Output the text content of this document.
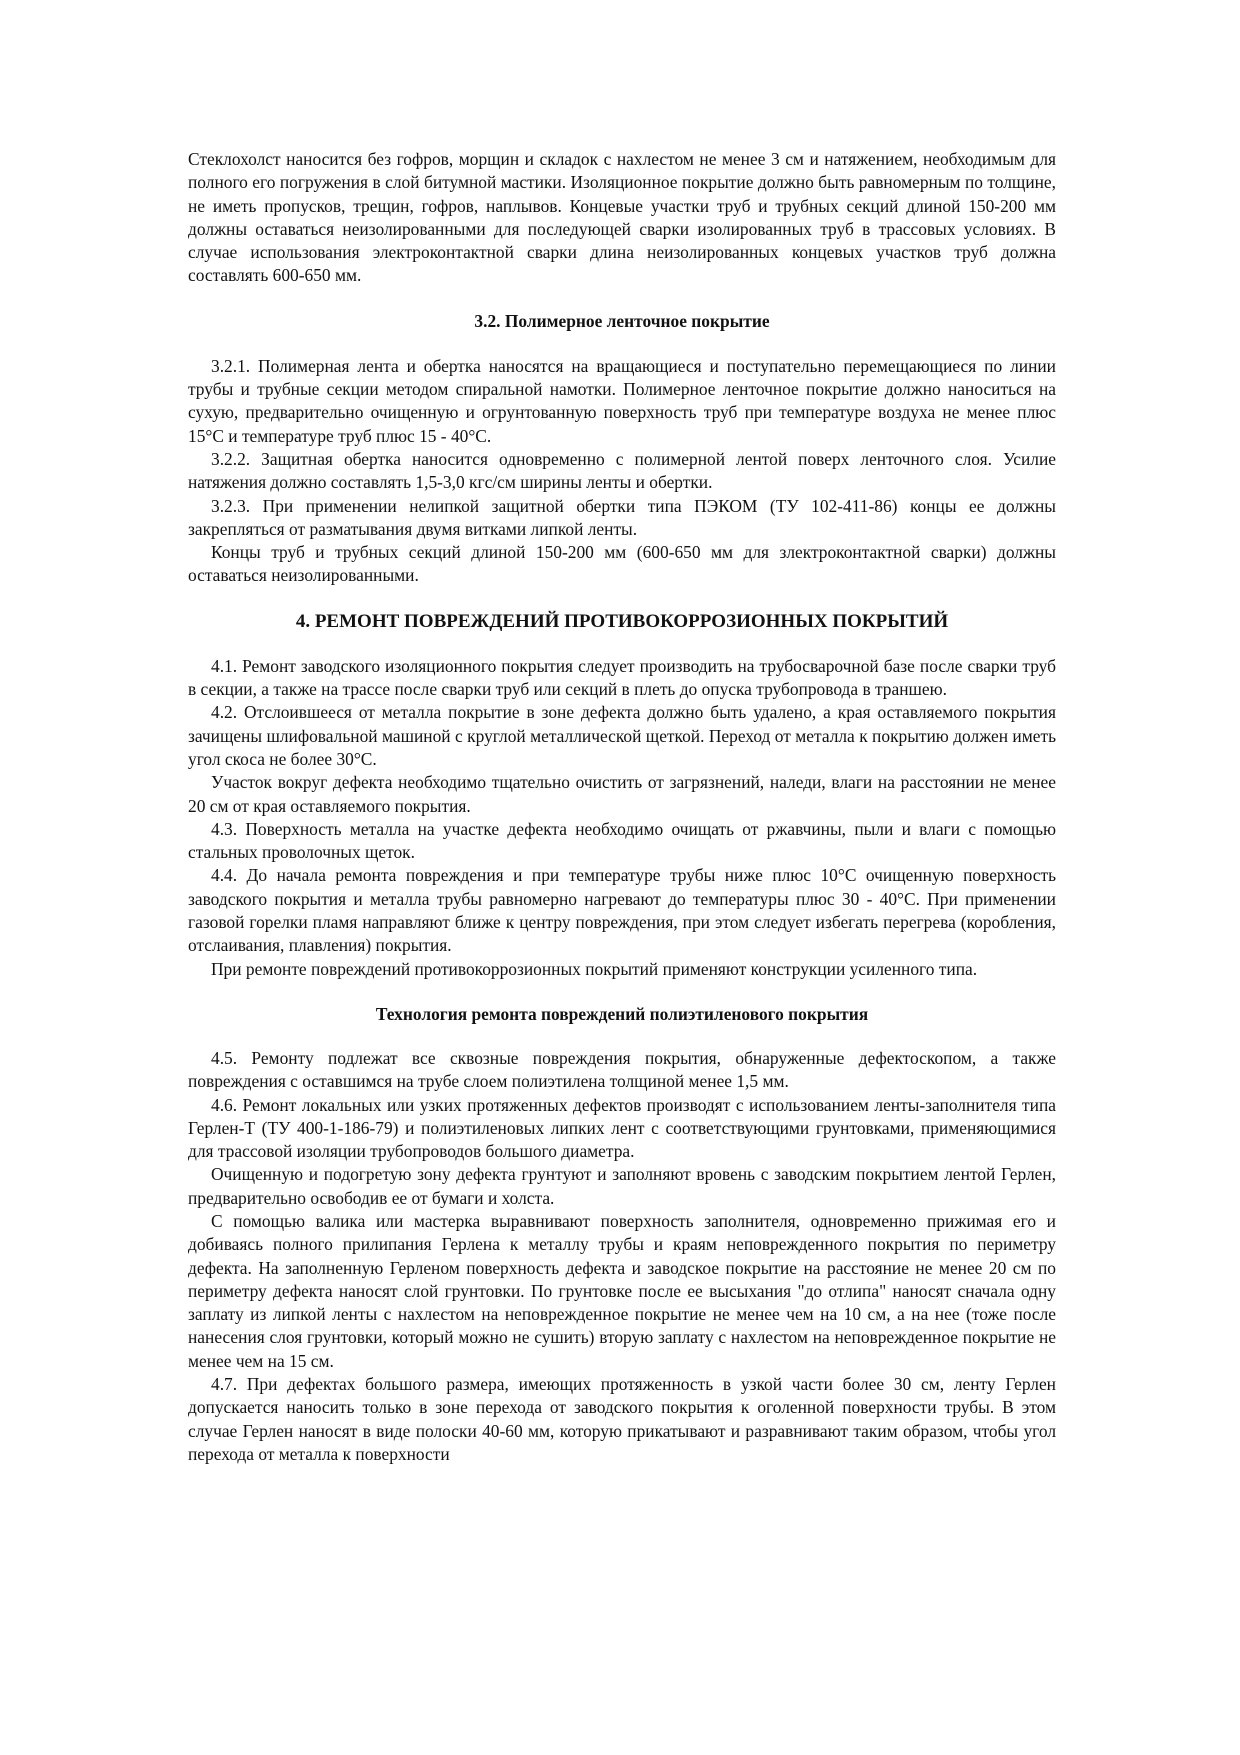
Стеклохолст наносится без гофров, морщин и складок с нахлестом не менее 3 см и натяжением, необходимым для полного его погружения в слой битумной мастики. Изоляционное покрытие должно быть равномерным по толщине, не иметь пропусков, трещин, гофров, наплывов. Концевые участки труб и трубных секций длиной 150-200 мм должны оставаться неизолированными для последующей сварки изолированных труб в трассовых условиях. В случае использования электроконтактной сварки длина неизолированных концевых участков труб должна составлять 600-650 мм.

3.2. Полимерное ленточное покрытие

3.2.1. Полимерная лента и обертка наносятся на вращающиеся и поступательно перемещающиеся по линии трубы и трубные секции методом спиральной намотки. Полимерное ленточное покрытие должно наноситься на сухую, предварительно очищенную и огрунтованную поверхность труб при температуре воздуха не менее плюс 15°С и температуре труб плюс 15 - 40°С.

3.2.2. Защитная обертка наносится одновременно с полимерной лентой поверх ленточного слоя. Усилие натяжения должно составлять 1,5-3,0 кгс/см ширины ленты и обертки.

3.2.3. При применении нелипкой защитной обертки типа ПЭКОМ (ТУ 102-411-86) концы ее должны закрепляться от разматывания двумя витками липкой ленты.

Концы труб и трубных секций длиной 150-200 мм (600-650 мм для злектроконтактной сварки) должны оставаться неизолированными.

4. РЕМОНТ ПОВРЕЖДЕНИЙ ПРОТИВОКОРРОЗИОННЫХ ПОКРЫТИЙ

4.1. Ремонт заводского изоляционного покрытия следует производить на трубосварочной базе после сварки труб в секции, а также на трассе после сварки труб или секций в плеть до опуска трубопровода в траншею.

4.2. Отслоившееся от металла покрытие в зоне дефекта должно быть удалено, а края оставляемого покрытия зачищены шлифовальной машиной с круглой металлической щеткой. Переход от металла к покрытию должен иметь угол скоса не более 30°С.

Участок вокруг дефекта необходимо тщательно очистить от загрязнений, наледи, влаги на расстоянии не менее 20 см от края оставляемого покрытия.

4.3. Поверхность металла на участке дефекта необходимо очищать от ржавчины, пыли и влаги с помощью стальных проволочных щеток.

4.4. До начала ремонта повреждения и при температуре трубы ниже плюс 10°С очищенную поверхность заводского покрытия и металла трубы равномерно нагревают до температуры плюс 30 - 40°С. При применении газовой горелки пламя направляют ближе к центру повреждения, при этом следует избегать перегрева (коробления, отслаивания, плавления) покрытия.

При ремонте повреждений противокоррозионных покрытий применяют конструкции усиленного типа.

Технология ремонта повреждений полиэтиленового покрытия

4.5. Ремонту подлежат все сквозные повреждения покрытия, обнаруженные дефектоскопом, а также повреждения с оставшимся на трубе слоем полиэтилена толщиной менее 1,5 мм.

4.6. Ремонт локальных или узких протяженных дефектов производят с использованием ленты-заполнителя типа Герлен-Т (ТУ 400-1-186-79) и полиэтиленовых липких лент с соответствующими грунтовками, применяющимися для трассовой изоляции трубопроводов большого диаметра.

Очищенную и подогретую зону дефекта грунтуют и заполняют вровень с заводским покрытием лентой Герлен, предварительно освободив ее от бумаги и холста.

С помощью валика или мастерка выравнивают поверхность заполнителя, одновременно прижимая его и добиваясь полного прилипания Герлена к металлу трубы и краям неповрежденного покрытия по периметру дефекта. На заполненную Герленом поверхность дефекта и заводское покрытие на расстояние не менее 20 см по периметру дефекта наносят слой грунтовки. По грунтовке после ее высыхания "до отлипа" наносят сначала одну заплату из липкой ленты с нахлестом на неповрежденное покрытие не менее чем на 10 см, а на нее (тоже после нанесения слоя грунтовки, который можно не сушить) вторую заплату с нахлестом на неповрежденное покрытие не менее чем на 15 см.

4.7. При дефектах большого размера, имеющих протяженность в узкой части более 30 см, ленту Герлен допускается наносить только в зоне перехода от заводского покрытия к оголенной поверхности трубы. В этом случае Герлен наносят в виде полоски 40-60 мм, которую прикатывают и разравнивают таким образом, чтобы угол перехода от металла к поверхности
